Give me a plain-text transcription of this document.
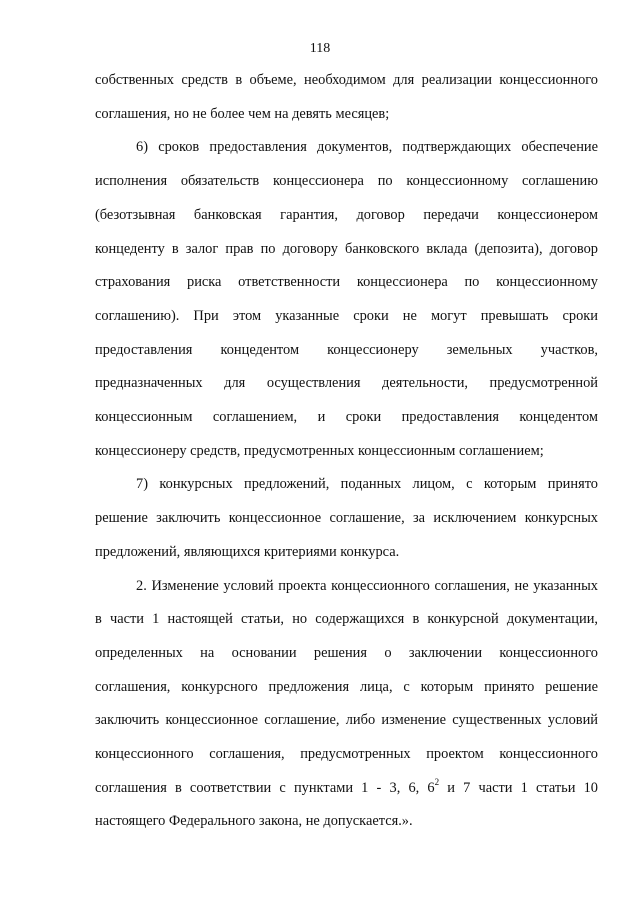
118
собственных средств в объеме, необходимом для реализации концессионного
соглашения, но не более чем на девять месяцев;
6) сроков предоставления документов, подтверждающих обеспечение
исполнения обязательств концессионера по концессионному соглашению
(безотзывная банковская гарантия, договор передачи концессионером
концеденту в залог прав по договору банковского вклада (депозита), договор
страхования риска ответственности концессионера по концессионному
соглашению). При этом указанные сроки не могут превышать сроки
предоставления концедентом концессионеру земельных участков,
предназначенных для осуществления деятельности, предусмотренной
концессионным соглашением, и сроки предоставления концедентом
концессионеру средств, предусмотренных концессионным соглашением;
7) конкурсных предложений, поданных лицом, с которым принято
решение заключить концессионное соглашение, за исключением конкурсных
предложений, являющихся критериями конкурса.
2. Изменение условий проекта концессионного соглашения, не указанных
в части 1 настоящей статьи, но содержащихся в конкурсной документации,
определенных на основании решения о заключении концессионного
соглашения, конкурсного предложения лица, с которым принято решение
заключить концессионное соглашение, либо изменение существенных условий
концессионного соглашения, предусмотренных проектом концессионного
соглашения в соответствии с пунктами 1 - 3, 6, $6^2$ и 7 части 1 статьи 10
настоящего Федерального закона, не допускается.».
